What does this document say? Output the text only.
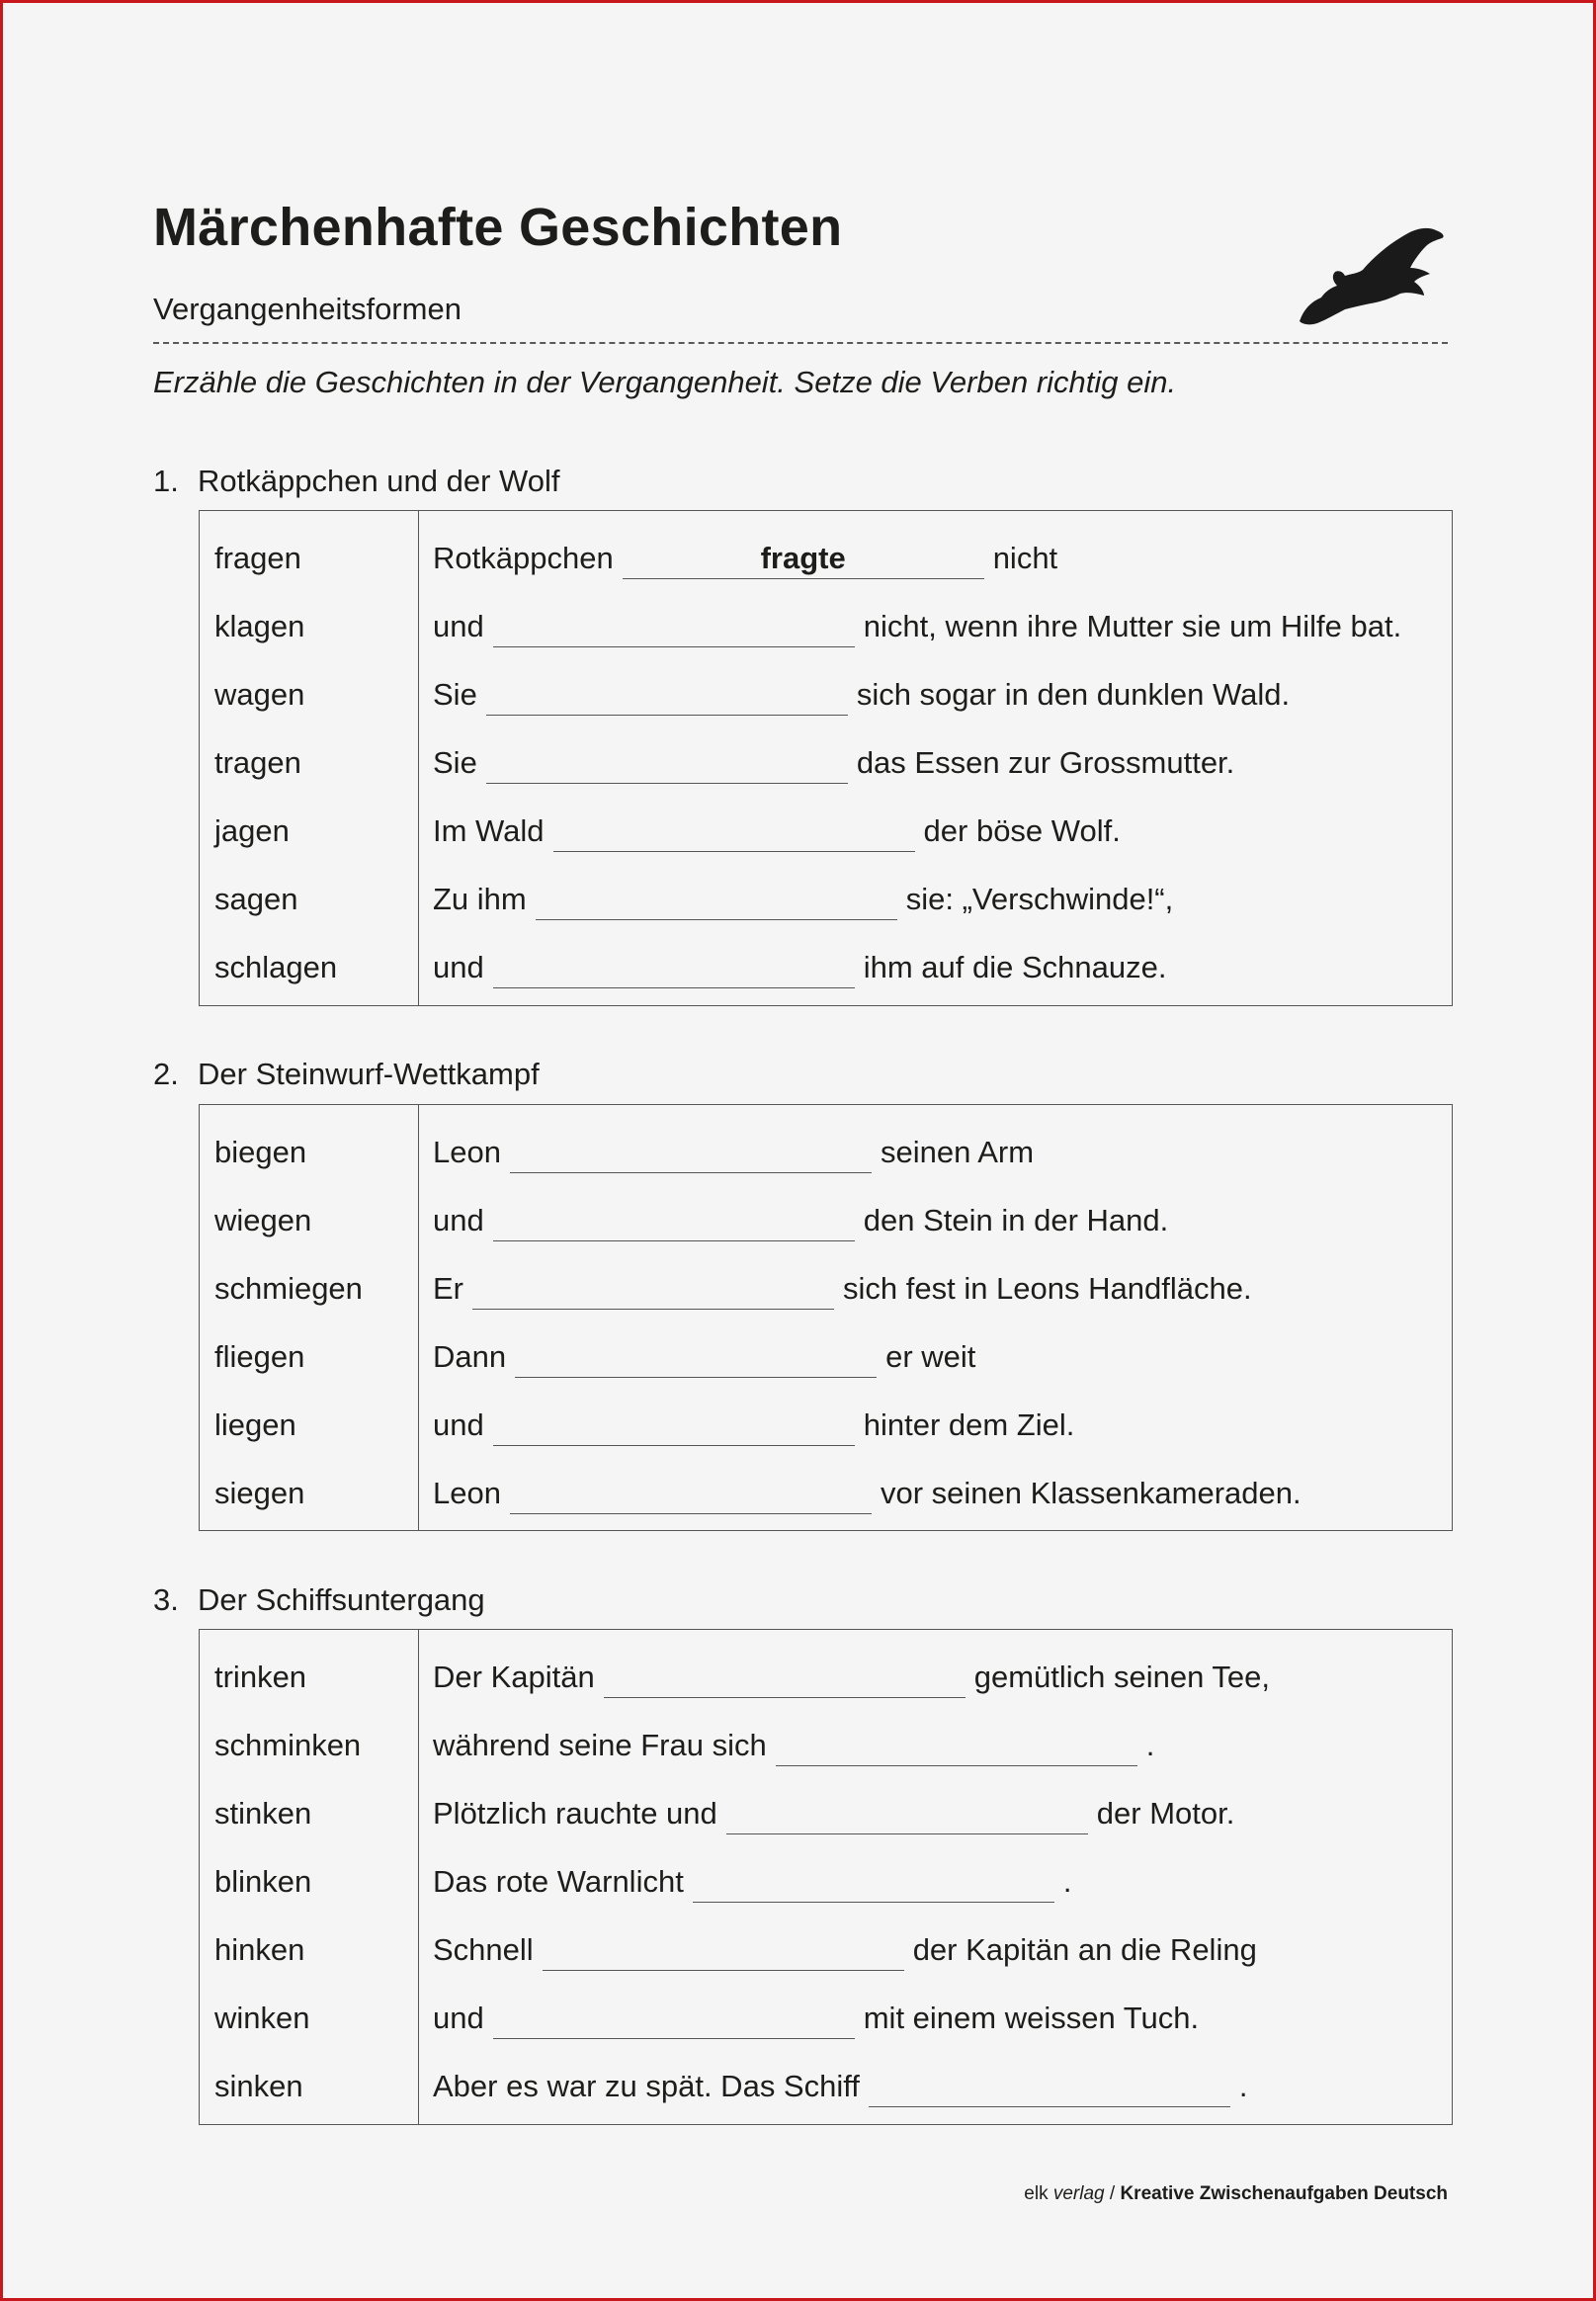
Märchenhafte Geschichten
Vergangenheitsformen
Erzähle die Geschichten in der Vergangenheit. Setze die Verben richtig ein.
1. Rotkäppchen und der Wolf
fragen	Rotkäppchen	fragte	nicht
klagen	und	nicht, wenn ihre Mutter sie um Hilfe bat.
wagen	Sie	sich sogar in den dunklen Wald.
tragen	Sie	das Essen zur Grossmutter.
jagen	Im Wald	der böse Wolf.
sagen	Zu ihm	sie: „Verschwinde!“,
schlagen	und	ihm auf die Schnauze.
2. Der Steinwurf-Wettkampf
biegen	Leon	seinen Arm
wiegen	und	den Stein in der Hand.
schmiegen Er	sich fest in Leons Handfläche.
fliegen	Dann	er weit
liegen	und	hinter dem Ziel.
siegen	Leon	vor seinen Klassenkameraden.
3. Der Schiffsuntergang
trinken	Der Kapitän	gemütlich seinen Tee,
schminken während seine Frau sich	.
stinken	Plötzlich rauchte und	der Motor.
blinken	Das rote Warnlicht	.
hinken	Schnell	der Kapitän an die Reling
winken	und	mit einem weissen Tuch.
sinken	Aber es war zu spät. Das Schiff	.
elk verlag / Kreative Zwischenaufgaben Deutsch
